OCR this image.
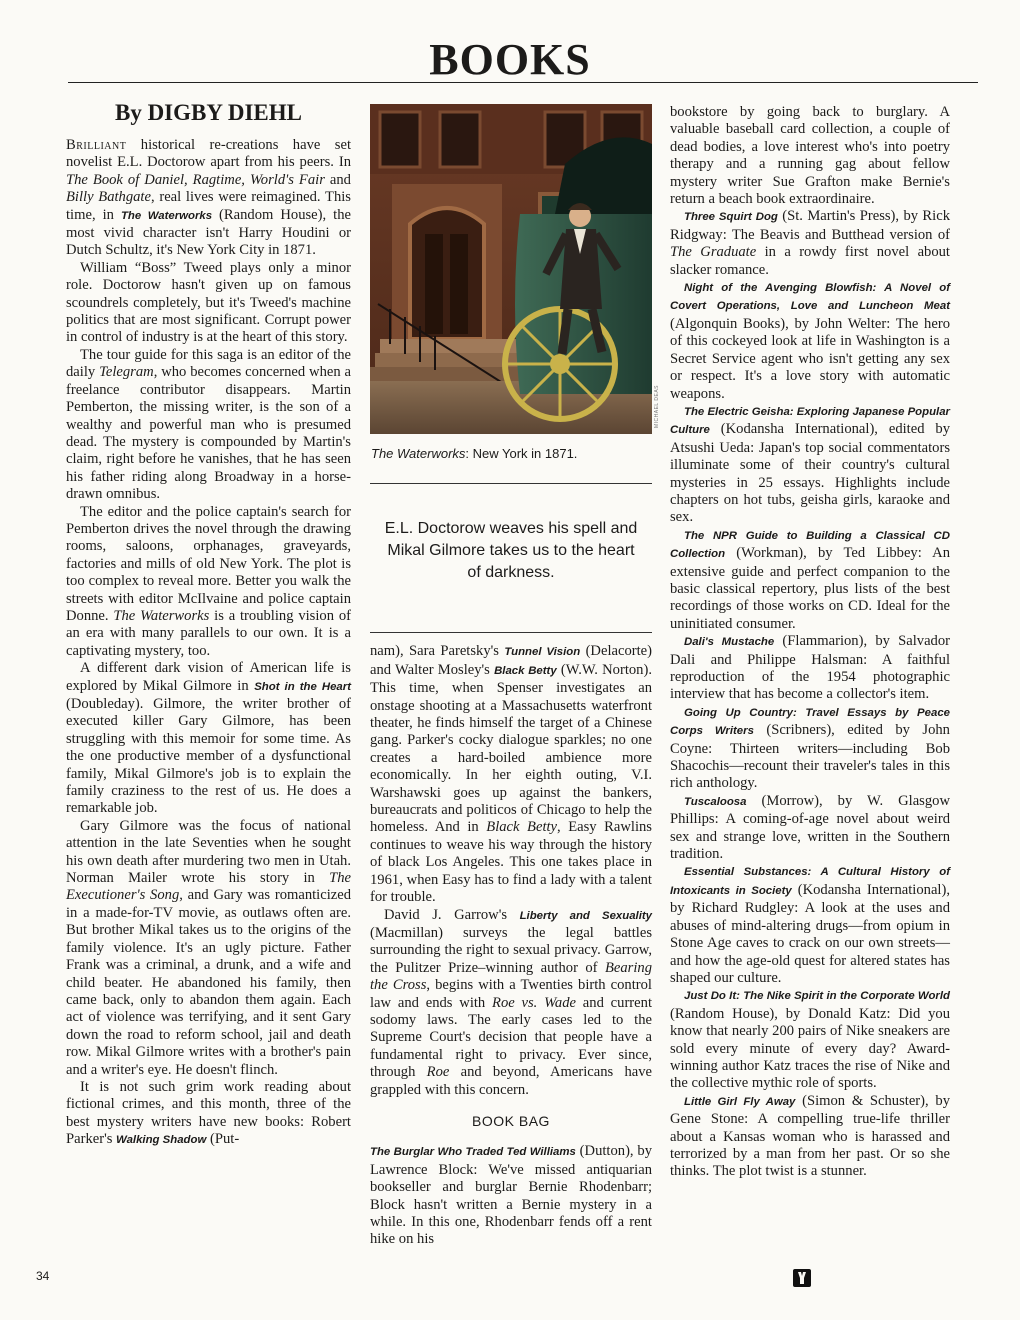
BOOKS
By DIGBY DIEHL

Brilliant historical re-creations have set novelist E.L. Doctorow apart from his peers. In The Book of Daniel, Ragtime, World's Fair and Billy Bathgate, real lives were reimagined. This time, in The Waterworks (Random House), the most vivid character isn't Harry Houdini or Dutch Schultz, it's New York City in 1871.

William “Boss” Tweed plays only a minor role. Doctorow hasn't given up on famous scoundrels completely, but it's Tweed's machine politics that are most significant. Corrupt power in control of industry is at the heart of this story.

The tour guide for this saga is an editor of the daily Telegram, who becomes concerned when a freelance contributor disappears. Martin Pemberton, the missing writer, is the son of a wealthy and powerful man who is presumed dead. The mystery is compounded by Martin's claim, right before he vanishes, that he has seen his father riding along Broadway in a horse-drawn omnibus.

The editor and the police captain's search for Pemberton drives the novel through the drawing rooms, saloons, orphanages, graveyards, factories and mills of old New York. The plot is too complex to reveal more. Better you walk the streets with editor McIlvaine and police captain Donne. The Waterworks is a troubling vision of an era with many parallels to our own. It is a captivating mystery, too.

A different dark vision of American life is explored by Mikal Gilmore in Shot in the Heart (Doubleday). Gilmore, the writer brother of executed killer Gary Gilmore, has been struggling with this memoir for some time. As the one productive member of a dysfunctional family, Mikal Gilmore's job is to explain the family craziness to the rest of us. He does a remarkable job.

Gary Gilmore was the focus of national attention in the late Seventies when he sought his own death after murdering two men in Utah. Norman Mailer wrote his story in The Executioner's Song, and Gary was romanticized in a made-for-TV movie, as outlaws often are. But brother Mikal takes us to the origins of the family violence. It's an ugly picture. Father Frank was a criminal, a drunk, and a wife and child beater. He abandoned his family, then came back, only to abandon them again. Each act of violence was terrifying, and it sent Gary down the road to reform school, jail and death row. Mikal Gilmore writes with a brother's pain and a writer's eye. He doesn't flinch.

It is not such grim work reading about fictional crimes, and this month, three of the best mystery writers have new books: Robert Parker's Walking Shadow (Put-

The Waterworks: New York in 1871.
E.L. Doctorow weaves his spell and Mikal Gilmore takes us to the heart of darkness.

nam), Sara Paretsky's Tunnel Vision (Delacorte) and Walter Mosley's Black Betty (W.W. Norton). This time, when Spenser investigates an onstage shooting at a Massachusetts waterfront theater, he finds himself the target of a Chinese gang. Parker's cocky dialogue sparkles; no one creates a hard-boiled ambience more economically. In her eighth outing, V.I. Warshawski goes up against the bankers, bureaucrats and politicos of Chicago to help the homeless. And in Black Betty, Easy Rawlins continues to weave his way through the history of black Los Angeles. This one takes place in 1961, when Easy has to find a lady with a talent for trouble.

David J. Garrow's Liberty and Sexuality (Macmillan) surveys the legal battles surrounding the right to sexual privacy. Garrow, the Pulitzer Prize–winning author of Bearing the Cross, begins with a Twenties birth control law and ends with Roe vs. Wade and current sodomy laws. The early cases led to the Supreme Court's decision that people have a fundamental right to privacy. Ever since, through Roe and beyond, Americans have grappled with this concern.

BOOK BAG

The Burglar Who Traded Ted Williams (Dutton), by Lawrence Block: We've missed antiquarian bookseller and burglar Bernie Rhodenbarr; Block hasn't written a Bernie mystery in a while. In this one, Rhodenbarr fends off a rent hike on his

MICHAEL DEAS

bookstore by going back to burglary. A valuable baseball card collection, a couple of dead bodies, a love interest who's into poetry therapy and a running gag about fellow mystery writer Sue Grafton make Bernie's return a beach book extraordinaire.

Three Squirt Dog (St. Martin's Press), by Rick Ridgway: The Beavis and Butthead version of The Graduate in a rowdy first novel about slacker romance.

Night of the Avenging Blowfish: A Novel of Covert Operations, Love and Luncheon Meat (Algonquin Books), by John Welter: The hero of this cockeyed look at life in Washington is a Secret Service agent who isn't getting any sex or respect. It's a love story with automatic weapons.

The Electric Geisha: Exploring Japanese Popular Culture (Kodansha International), edited by Atsushi Ueda: Japan's top social commentators illuminate some of their country's cultural mysteries in 25 essays. Highlights include chapters on hot tubs, geisha girls, karaoke and sex.

The NPR Guide to Building a Classical CD Collection (Workman), by Ted Libbey: An extensive guide and perfect companion to the basic classical repertory, plus lists of the best recordings of those works on CD. Ideal for the uninitiated consumer.

Dali's Mustache (Flammarion), by Salvador Dali and Philippe Halsman: A faithful reproduction of the 1954 photographic interview that has become a collector's item.

Going Up Country: Travel Essays by Peace Corps Writers (Scribners), edited by John Coyne: Thirteen writers—including Bob Shacochis—recount their traveler's tales in this rich anthology.

Tuscaloosa (Morrow), by W. Glasgow Phillips: A coming-of-age novel about weird sex and strange love, written in the Southern tradition.

Essential Substances: A Cultural History of Intoxicants in Society (Kodansha International), by Richard Rudgley: A look at the uses and abuses of mind-altering drugs—from opium in Stone Age caves to crack on our own streets—and how the age-old quest for altered states has shaped our culture.

Just Do It: The Nike Spirit in the Corporate World (Random House), by Donald Katz: Did you know that nearly 200 pairs of Nike sneakers are sold every minute of every day? Award-winning author Katz traces the rise of Nike and the collective mythic role of sports.

Little Girl Fly Away (Simon & Schuster), by Gene Stone: A compelling true-life thriller about a Kansas woman who is harassed and terrorized by a man from her past. Or so she thinks. The plot twist is a stunner.

34
